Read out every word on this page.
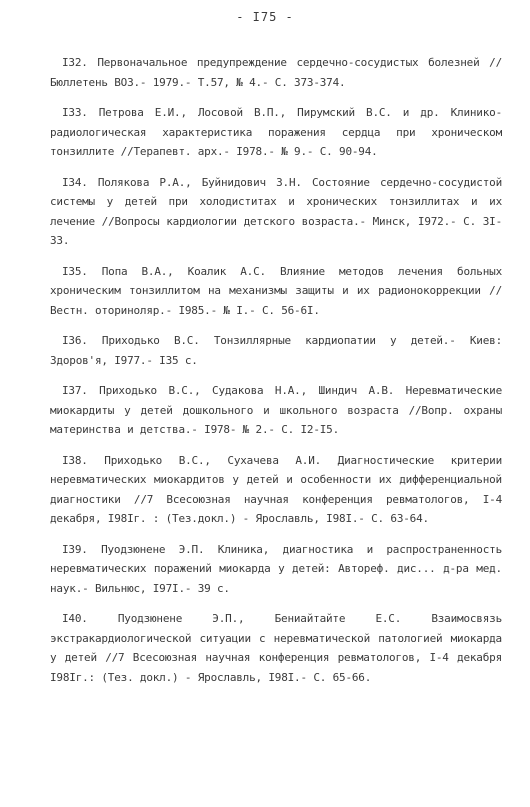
- I75 -

I32. Первоначальное предупреждение сердечно-сосудистых болезней //Бюллетень ВОЗ.- 1979.- Т.57, № 4.- С. 373-374.

I33. Петрова Е.И., Лосовой В.П., Пирумский В.С. и др. Клинико-радиологическая характеристика поражения сердца при хроническом тонзиллите //Терапевт. арх.- I978.- № 9.- С. 90-94.

I34. Полякова Р.А., Буйнидович З.Н. Состояние сердечно-сосудистой системы у детей при холодиститах и хронических тонзиллитах и их лечение //Вопросы кардиологии детского возраста.- Минск, I972.- С. 3I-33.

I35. Попа В.А., Коалик А.С. Влияние методов лечения больных хроническим тонзиллитом на механизмы защиты и их радионокоррекции //Вестн. оториноляр.- I985.- № I.- С. 56-6I.

I36. Приходько В.С. Тонзиллярные кардиопатии у детей.- Киев: Здоров'я, I977.- I35 с.

I37. Приходько В.С., Судакова Н.А., Шиндич А.В. Неревматические миокардиты у детей дошкольного и школьного возраста //Вопр. охраны материнства и детства.- I978- № 2.- С. I2-I5.

I38. Приходько В.С., Сухачева А.И. Диагностические критерии неревматических миокардитов у детей и особенности их дифференциальной диагностики //7 Всесоюзная научная конференция ревматологов, I-4 декабря, I98Iг. : (Тез.докл.) - Ярославль, I98I.- С. 63-64.

I39. Пуодзюнене Э.П. Клиника, диагностика и распространенность неревматических поражений миокарда у детей: Автореф. дис... д-ра мед. наук.- Вильнюс, I97I.- 39 с.

I40. Пуодзюнене Э.П., Бениайтайте Е.С. Взаимосвязь экстракардиологической ситуации с неревматической патологией миокарда у детей //7 Всесоюзная научная конференция ревматологов, I-4 декабря I98Iг.: (Тез. докл.) - Ярославль, I98I.- С. 65-66.
